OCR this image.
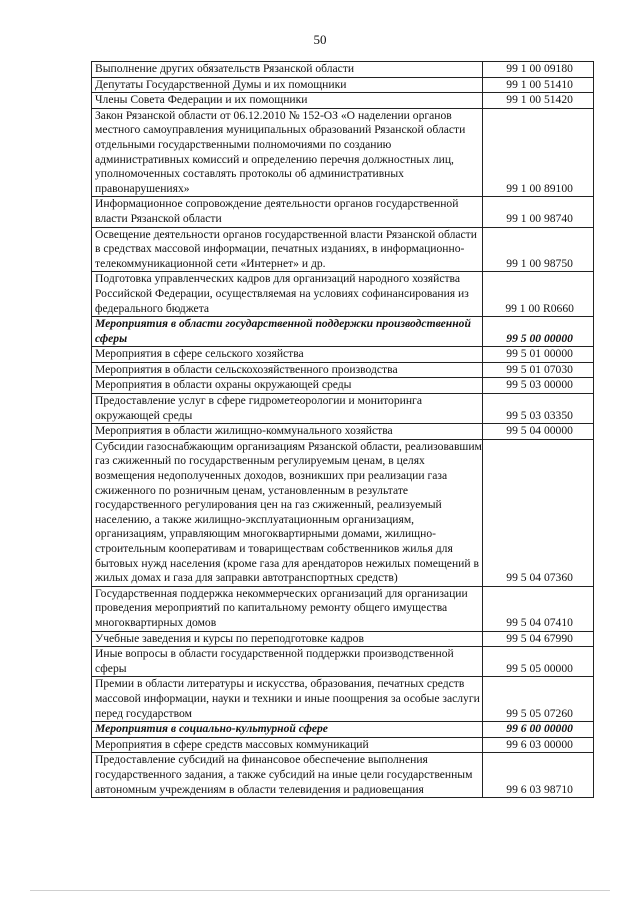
50
Выполнение других обязательств Рязанской области	99 1 00 09180
Депутаты Государственной Думы и их помощники	99 1 00 51410
Члены Совета Федерации и их помощники	99 1 00 51420
Закон Рязанской области от 06.12.2010 № 152-ОЗ «О наделении органов местного самоуправления муниципальных образований Рязанской области отдельными государственными полномочиями по созданию административных комиссий и определению перечня должностных лиц, уполномоченных составлять протоколы об административных правонарушениях»	99 1 00 89100
Информационное сопровождение деятельности органов государственной власти Рязанской области	99 1 00 98740
Освещение деятельности органов государственной власти Рязанской области в средствах массовой информации, печатных изданиях, в информационно-телекоммуникационной сети «Интернет» и др.	99 1 00 98750
Подготовка управленческих кадров для организаций народного хозяйства Российской Федерации, осуществляемая на условиях софинансирования из федерального бюджета	99 1 00 R0660
Мероприятия в области государственной поддержки производственной сферы	99 5 00 00000
Мероприятия в сфере сельского хозяйства	99 5 01 00000
Мероприятия в области сельскохозяйственного производства	99 5 01 07030
Мероприятия в области охраны окружающей среды	99 5 03 00000
Предоставление услуг в сфере гидрометеорологии и мониторинга окружающей среды	99 5 03 03350
Мероприятия в области жилищно-коммунального хозяйства	99 5 04 00000
Субсидии газоснабжающим организациям Рязанской области, реализовавшим газ сжиженный по государственным регулируемым ценам, в целях возмещения недополученных доходов, возникших при реализации газа сжиженного по розничным ценам, установленным в результате государственного регулирования цен на газ сжиженный, реализуемый населению, а также жилищно-эксплуатационным организациям, организациям, управляющим многоквартирными домами, жилищно-строительным кооперативам и товариществам собственников жилья для бытовых нужд населения (кроме газа для арендаторов нежилых помещений в жилых домах и газа для заправки автотранспортных средств)	99 5 04 07360
Государственная поддержка некоммерческих организаций для организации проведения мероприятий по капитальному ремонту общего имущества многоквартирных домов	99 5 04 07410
Учебные заведения и курсы по переподготовке кадров	99 5 04 67990
Иные вопросы в области государственной поддержки производственной сферы	99 5 05 00000
Премии в области литературы и искусства, образования, печатных средств массовой информации, науки и техники и иные поощрения за особые заслуги перед государством	99 5 05 07260
Мероприятия в социально-культурной сфере	99 6 00 00000
Мероприятия в сфере средств массовых коммуникаций	99 6 03 00000
Предоставление субсидий на финансовое обеспечение выполнения государственного задания, а также субсидий на иные цели государственным автономным учреждениям в области телевидения и радиовещания	99 6 03 98710
